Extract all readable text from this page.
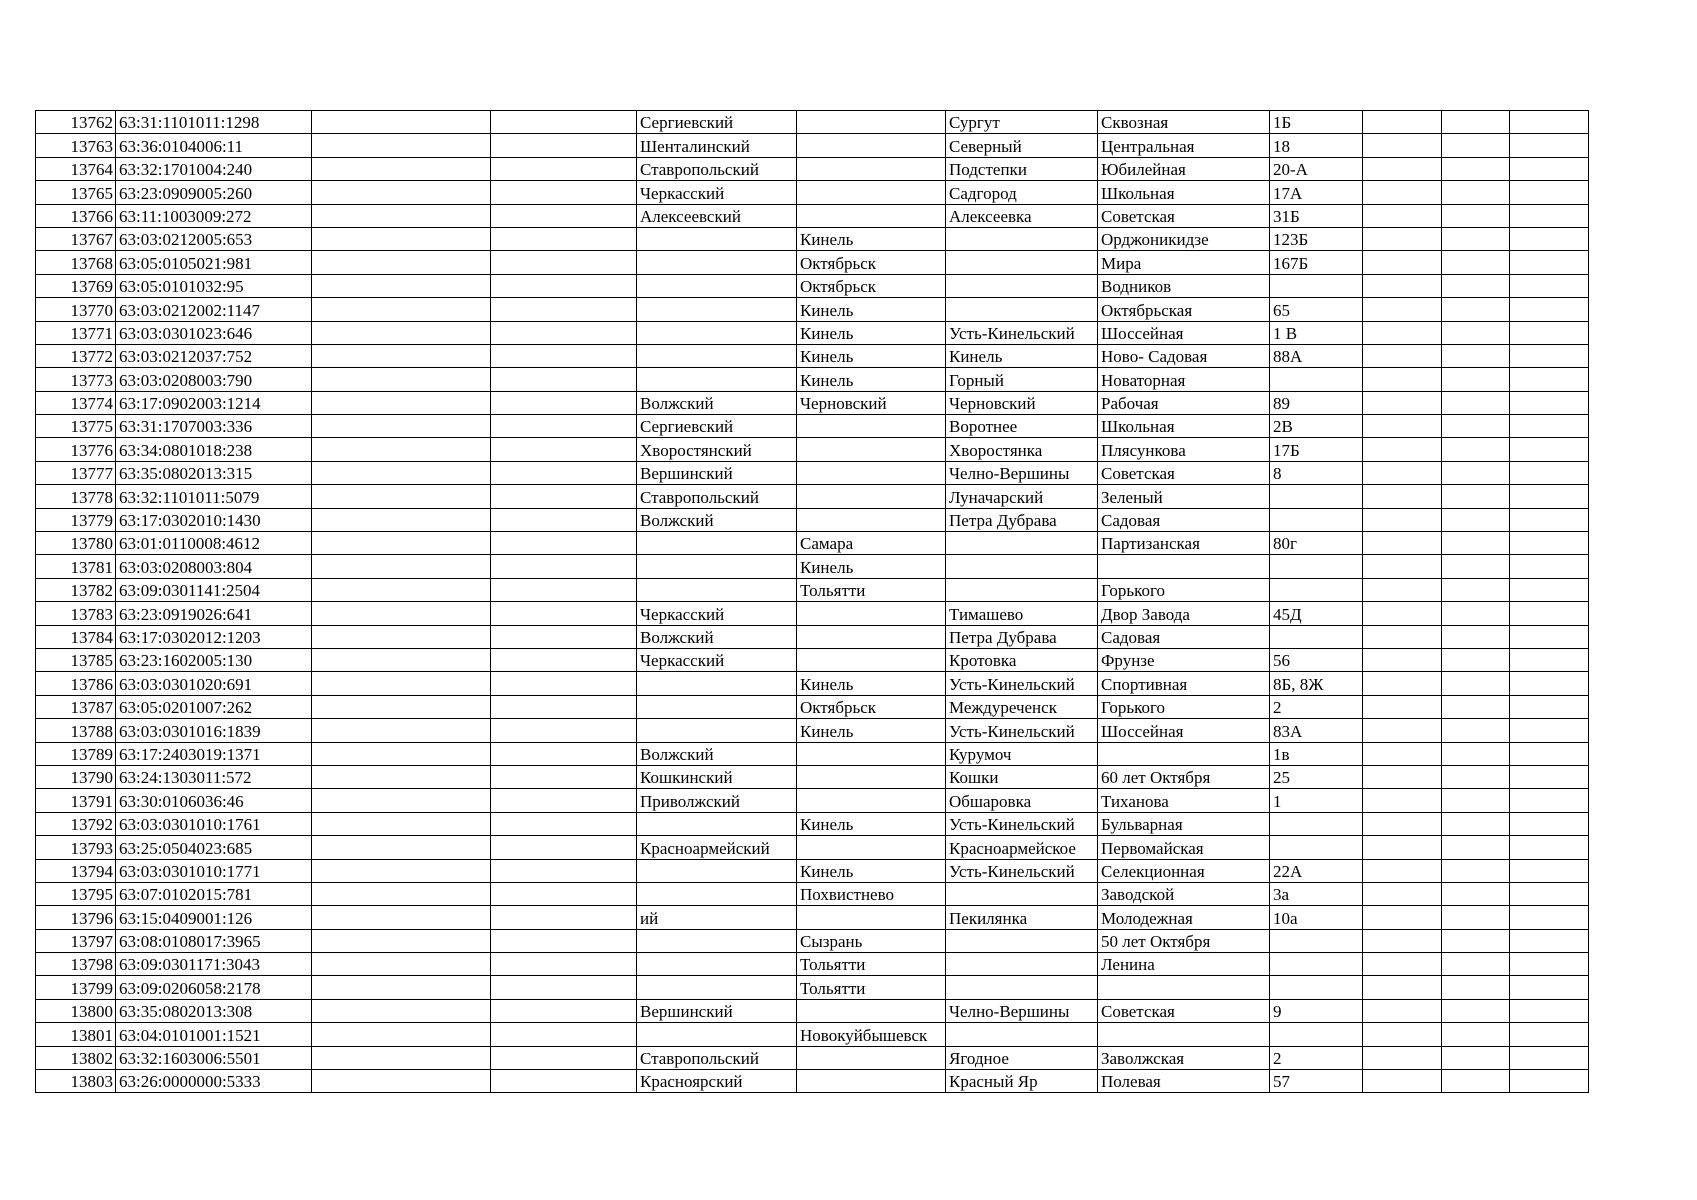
13762	63:31:1101011:1298			Сергиевский		Сургут	Сквозная	1Б			
13763	63:36:0104006:11			Шенталинский		Северный	Центральная	18			
13764	63:32:1701004:240			Ставропольский		Подстепки	Юбилейная	20-А			
13765	63:23:0909005:260			Черкасский		Садгород	Школьная	17А			
13766	63:11:1003009:272			Алексеевский		Алексеевка	Советская	31Б			
13767	63:03:0212005:653				Кинель		Орджоникидзе	123Б			
13768	63:05:0105021:981				Октябрьск		Мира	167Б			
13769	63:05:0101032:95				Октябрьск		Водников				
13770	63:03:0212002:1147				Кинель		Октябрьская	65			
13771	63:03:0301023:646				Кинель	Усть-Кинельский	Шоссейная	1 В			
13772	63:03:0212037:752				Кинель	Кинель	Ново- Садовая	88А			
13773	63:03:0208003:790				Кинель	Горный	Новаторная				
13774	63:17:0902003:1214			Волжский	Черновский	Черновский	Рабочая	89			
13775	63:31:1707003:336			Сергиевский		Воротнее	Школьная	2В			
13776	63:34:0801018:238			Хворостянский		Хворостянка	Плясункова	17Б			
13777	63:35:0802013:315			Вершинский		Челно-Вершины	Советская	8			
13778	63:32:1101011:5079			Ставропольский		Луначарский	Зеленый				
13779	63:17:0302010:1430			Волжский		Петра Дубрава	Садовая				
13780	63:01:0110008:4612				Самара		Партизанская	80г			
13781	63:03:0208003:804				Кинель						
13782	63:09:0301141:2504				Тольятти		Горького				
13783	63:23:0919026:641			Черкасский		Тимашево	Двор Завода	45Д			
13784	63:17:0302012:1203			Волжский		Петра Дубрава	Садовая				
13785	63:23:1602005:130			Черкасский		Кротовка	Фрунзе	56			
13786	63:03:0301020:691				Кинель	Усть-Кинельский	Спортивная	8Б, 8Ж			
13787	63:05:0201007:262				Октябрьск	Междуреченск	Горького	2			
13788	63:03:0301016:1839				Кинель	Усть-Кинельский	Шоссейная	83А			
13789	63:17:2403019:1371			Волжский		Курумоч		1в			
13790	63:24:1303011:572			Кошкинский		Кошки	60 лет Октября	25			
13791	63:30:0106036:46			Приволжский		Обшаровка	Тиханова	1			
13792	63:03:0301010:1761				Кинель	Усть-Кинельский	Бульварная				
13793	63:25:0504023:685			Красноармейский		Красноармейское	Первомайская				
13794	63:03:0301010:1771				Кинель	Усть-Кинельский	Селекционная	22А			
13795	63:07:0102015:781				Похвистнево		Заводской	3а			
13796	63:15:0409001:126			ий		Пекилянка	Молодежная	10а			
13797	63:08:0108017:3965				Сызрань		50 лет Октября				
13798	63:09:0301171:3043				Тольятти		Ленина				
13799	63:09:0206058:2178				Тольятти						
13800	63:35:0802013:308			Вершинский		Челно-Вершины	Советская	9			
13801	63:04:0101001:1521				Новокуйбышевск						
13802	63:32:1603006:5501			Ставропольский		Ягодное	Заволжская	2			
13803	63:26:0000000:5333			Красноярский		Красный Яр	Полевая	57			
